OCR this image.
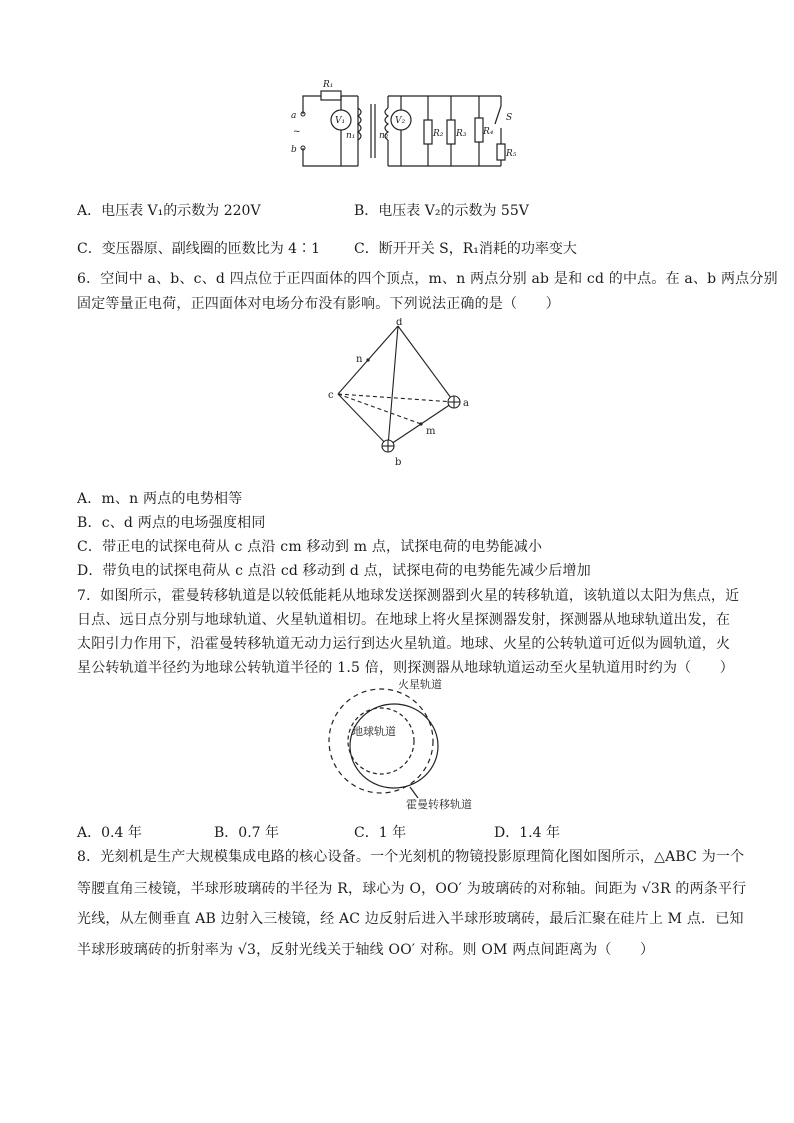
R₁
a
~
b
V₁
n₁	n₂
V₂
R₂ R₃ R₄
S
R₅
A．电压表 V₁的示数为 220V	B．电压表 V₂的示数为 55V
C．变压器原、副线圈的匝数比为 4∶1 C．断开开关 S，R₁消耗的功率变大
6．空间中 a、b、c、d 四点位于正四面体的四个顶点，m、n 两点分别 ab 是和 cd 的中点。在 a、b 两点分别
固定等量正电荷，正四面体对电场分布没有影响。下列说法正确的是（　　）
d
n
c
a
m
b
A．m、n 两点的电势相等
B．c、d 两点的电场强度相同
C．带正电的试探电荷从 c 点沿 cm 移动到 m 点，试探电荷的电势能减小
D．带负电的试探电荷从 c 点沿 cd 移动到 d 点，试探电荷的电势能先减少后增加
7．如图所示，霍曼转移轨道是以较低能耗从地球发送探测器到火星的转移轨道，该轨道以太阳为焦点，近
日点、远日点分别与地球轨道、火星轨道相切。在地球上将火星探测器发射，探测器从地球轨道出发，在
太阳引力作用下，沿霍曼转移轨道无动力运行到达火星轨道。地球、火星的公转轨道可近似为圆轨道，火
星公转轨道半径约为地球公转轨道半径的 1.5 倍，则探测器从地球轨道运动至火星轨道用时约为（　　）
火星轨道
地球轨道
霍曼转移轨道
A．0.4 年	B．0.7 年	C．1 年	D．1.4 年
8．光刻机是生产大规模集成电路的核心设备。一个光刻机的物镜投影原理简化图如图所示，△ABC 为一个
等腰直角三棱镜，半球形玻璃砖的半径为 R，球心为 O，OO′ 为玻璃砖的对称轴。间距为 √3R 的两条平行
光线，从左侧垂直 AB 边射入三棱镜，经 AC 边反射后进入半球形玻璃砖，最后汇聚在硅片上 M 点．已知
半球形玻璃砖的折射率为 √3，反射光线关于轴线 OO′ 对称。则 OM 两点间距离为（　　）
